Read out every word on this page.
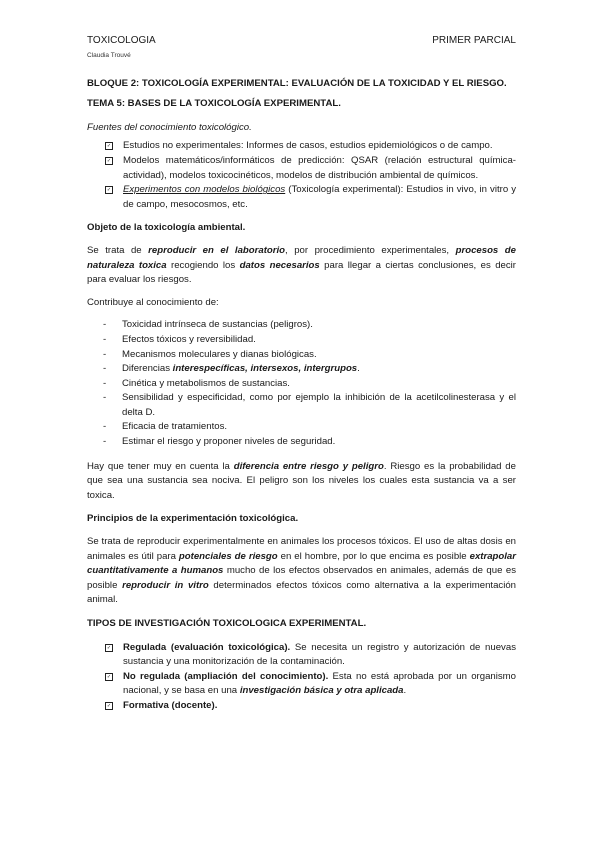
TOXICOLOGIA
Claudia Trouvé
PRIMER PARCIAL

BLOQUE 2: TOXICOLOGÍA EXPERIMENTAL: EVALUACIÓN DE LA TOXICIDAD Y EL RIESGO.

TEMA 5: BASES DE LA TOXICOLOGÍA EXPERIMENTAL.

Fuentes del conocimiento toxicológico.

✓ Estudios no experimentales: Informes de casos, estudios epidemiológicos o de campo.
✓ Modelos matemáticos/informáticos de predicción: QSAR (relación estructural química-actividad), modelos toxicocinéticos, modelos de distribución ambiental de químicos.
✓ Experimentos con modelos biológicos (Toxicología experimental): Estudios in vivo, in vitro y de campo, mesocosmos, etc.

Objeto de la toxicología ambiental.

Se trata de reproducir en el laboratorio, por procedimiento experimentales, procesos de naturaleza toxica recogiendo los datos necesarios para llegar a ciertas conclusiones, es decir para evaluar los riesgos.

Contribuye al conocimiento de:

- Toxicidad intrínseca de sustancias (peligros).
- Efectos tóxicos y reversibilidad.
- Mecanismos moleculares y dianas biológicas.
- Diferencias interespecíficas, intersexos, intergrupos.
- Cinética y metabolismos de sustancias.
- Sensibilidad y especificidad, como por ejemplo la inhibición de la acetilcolinesterasa y el delta D.
- Eficacia de tratamientos.
- Estimar el riesgo y proponer niveles de seguridad.

Hay que tener muy en cuenta la diferencia entre riesgo y peligro. Riesgo es la probabilidad de que sea una sustancia sea nociva. El peligro son los niveles los cuales esta sustancia va a ser toxica.

Principios de la experimentación toxicológica.

Se trata de reproducir experimentalmente en animales los procesos tóxicos. El uso de altas dosis en animales es útil para potenciales de riesgo en el hombre, por lo que encima es posible extrapolar cuantitativamente a humanos mucho de los efectos observados en animales, además de que es posible reproducir in vitro determinados efectos tóxicos como alternativa a la experimentación animal.

TIPOS DE INVESTIGACIÓN TOXICOLOGICA EXPERIMENTAL.

✓ Regulada (evaluación toxicológica). Se necesita un registro y autorización de nuevas sustancia y una monitorización de la contaminación.
✓ No regulada (ampliación del conocimiento). Esta no está aprobada por un organismo nacional, y se basa en una investigación básica y otra aplicada.
✓ Formativa (docente).
